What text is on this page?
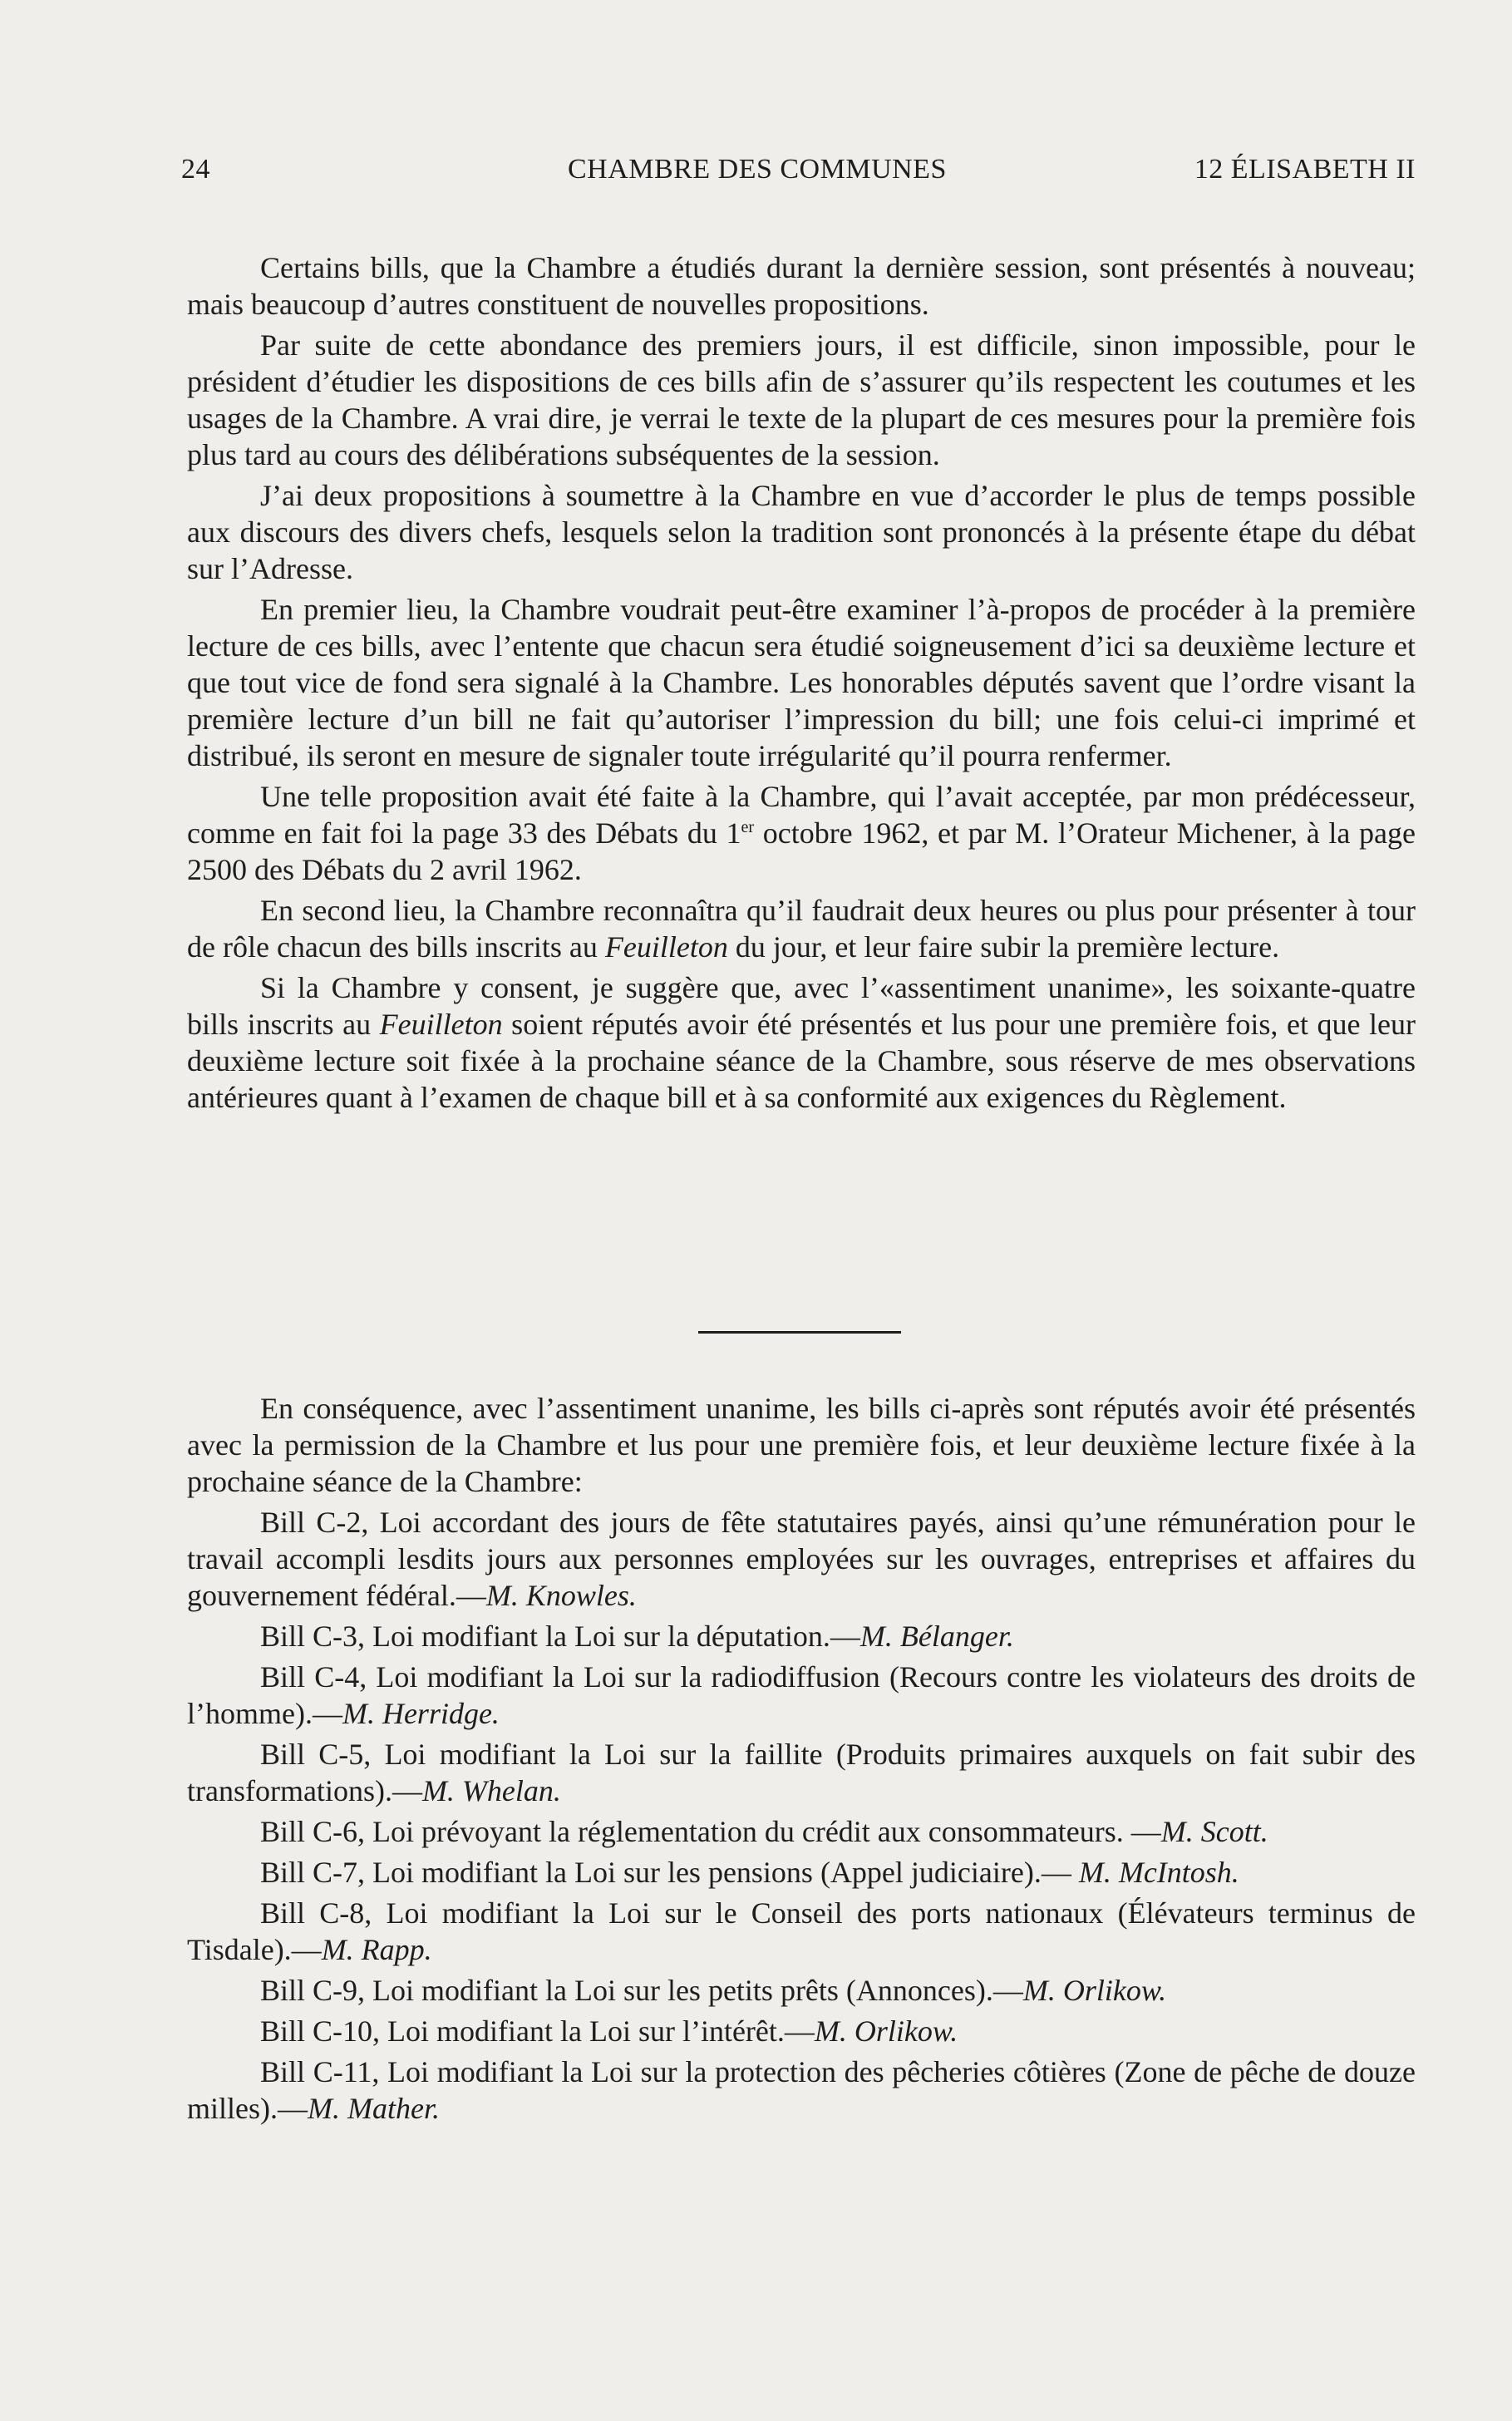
24	CHAMBRE DES COMMUNES	12 ÉLISABETH II

Certains bills, que la Chambre a étudiés durant la dernière session, sont présentés à nouveau; mais beaucoup d’autres constituent de nouvelles propositions.

Par suite de cette abondance des premiers jours, il est difficile, sinon impossible, pour le président d’étudier les dispositions de ces bills afin de s’assurer qu’ils respectent les coutumes et les usages de la Chambre. A vrai dire, je verrai le texte de la plupart de ces mesures pour la première fois plus tard au cours des délibérations subséquentes de la session.

J’ai deux propositions à soumettre à la Chambre en vue d’accorder le plus de temps possible aux discours des divers chefs, lesquels selon la tradition sont prononcés à la présente étape du débat sur l’Adresse.

En premier lieu, la Chambre voudrait peut-être examiner l’à-propos de procéder à la première lecture de ces bills, avec l’entente que chacun sera étudié soigneusement d’ici sa deuxième lecture et que tout vice de fond sera signalé à la Chambre. Les honorables députés savent que l’ordre visant la première lecture d’un bill ne fait qu’autoriser l’impression du bill; une fois celui-ci imprimé et distribué, ils seront en mesure de signaler toute irrégularité qu’il pourra renfermer.

Une telle proposition avait été faite à la Chambre, qui l’avait acceptée, par mon prédécesseur, comme en fait foi la page 33 des Débats du 1er octobre 1962, et par M. l’Orateur Michener, à la page 2500 des Débats du 2 avril 1962.

En second lieu, la Chambre reconnaîtra qu’il faudrait deux heures ou plus pour présenter à tour de rôle chacun des bills inscrits au Feuilleton du jour, et leur faire subir la première lecture.

Si la Chambre y consent, je suggère que, avec l’«assentiment unanime», les soixante-quatre bills inscrits au Feuilleton soient réputés avoir été présentés et lus pour une première fois, et que leur deuxième lecture soit fixée à la prochaine séance de la Chambre, sous réserve de mes observations antérieures quant à l’examen de chaque bill et à sa conformité aux exigences du Règlement.

En conséquence, avec l’assentiment unanime, les bills ci-après sont réputés avoir été présentés avec la permission de la Chambre et lus pour une première fois, et leur deuxième lecture fixée à la prochaine séance de la Chambre:

Bill C-2, Loi accordant des jours de fête statutaires payés, ainsi qu’une rémunération pour le travail accompli lesdits jours aux personnes employées sur les ouvrages, entreprises et affaires du gouvernement fédéral.—M. Knowles.
Bill C-3, Loi modifiant la Loi sur la députation.—M. Bélanger.
Bill C-4, Loi modifiant la Loi sur la radiodiffusion (Recours contre les violateurs des droits de l’homme).—M. Herridge.
Bill C-5, Loi modifiant la Loi sur la faillite (Produits primaires auxquels on fait subir des transformations).—M. Whelan.
Bill C-6, Loi prévoyant la réglementation du crédit aux consommateurs. —M. Scott.
Bill C-7, Loi modifiant la Loi sur les pensions (Appel judiciaire).— M. McIntosh.
Bill C-8, Loi modifiant la Loi sur le Conseil des ports nationaux (Élévateurs terminus de Tisdale).—M. Rapp.
Bill C-9, Loi modifiant la Loi sur les petits prêts (Annonces).—M. Orlikow.
Bill C-10, Loi modifiant la Loi sur l’intérêt.—M. Orlikow.
Bill C-11, Loi modifiant la Loi sur la protection des pêcheries côtières (Zone de pêche de douze milles).—M. Mather.
